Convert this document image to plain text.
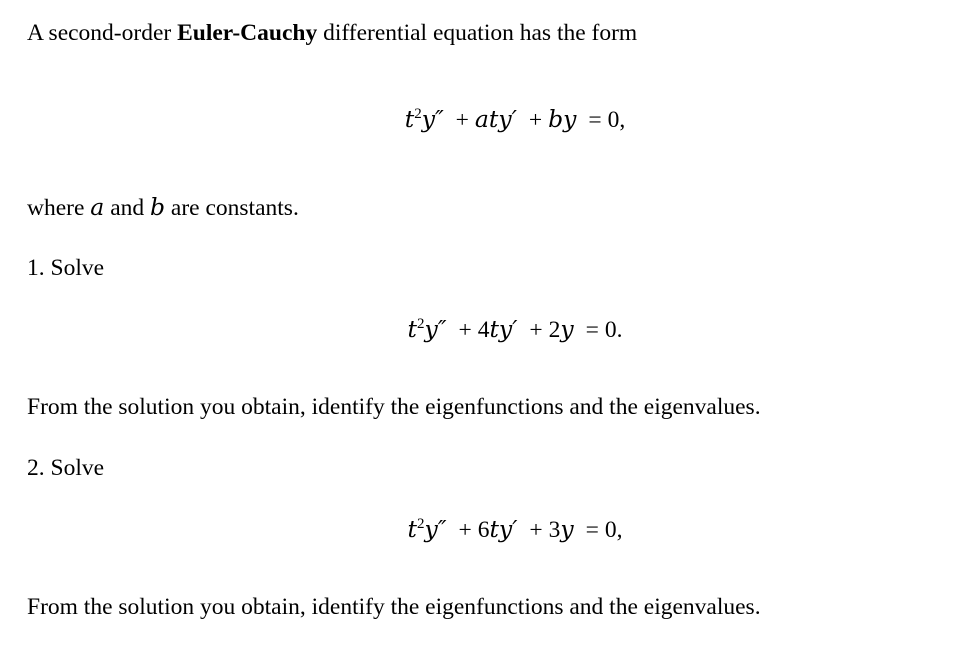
A second-order Euler-Cauchy differential equation has the form
$t^2y'' + aty'$ + by = 0,
where a and b are constants.
1. Solve
$t^2y'' + 4ty' + 2y = 0$.
From the solution you obtain, identify the eigenfunctions and the eigenvalues.
2. Solve
$t^2y'' + 6ty' + 3y = 0$,
From the solution you obtain, identify the eigenfunctions and the eigenvalues.
